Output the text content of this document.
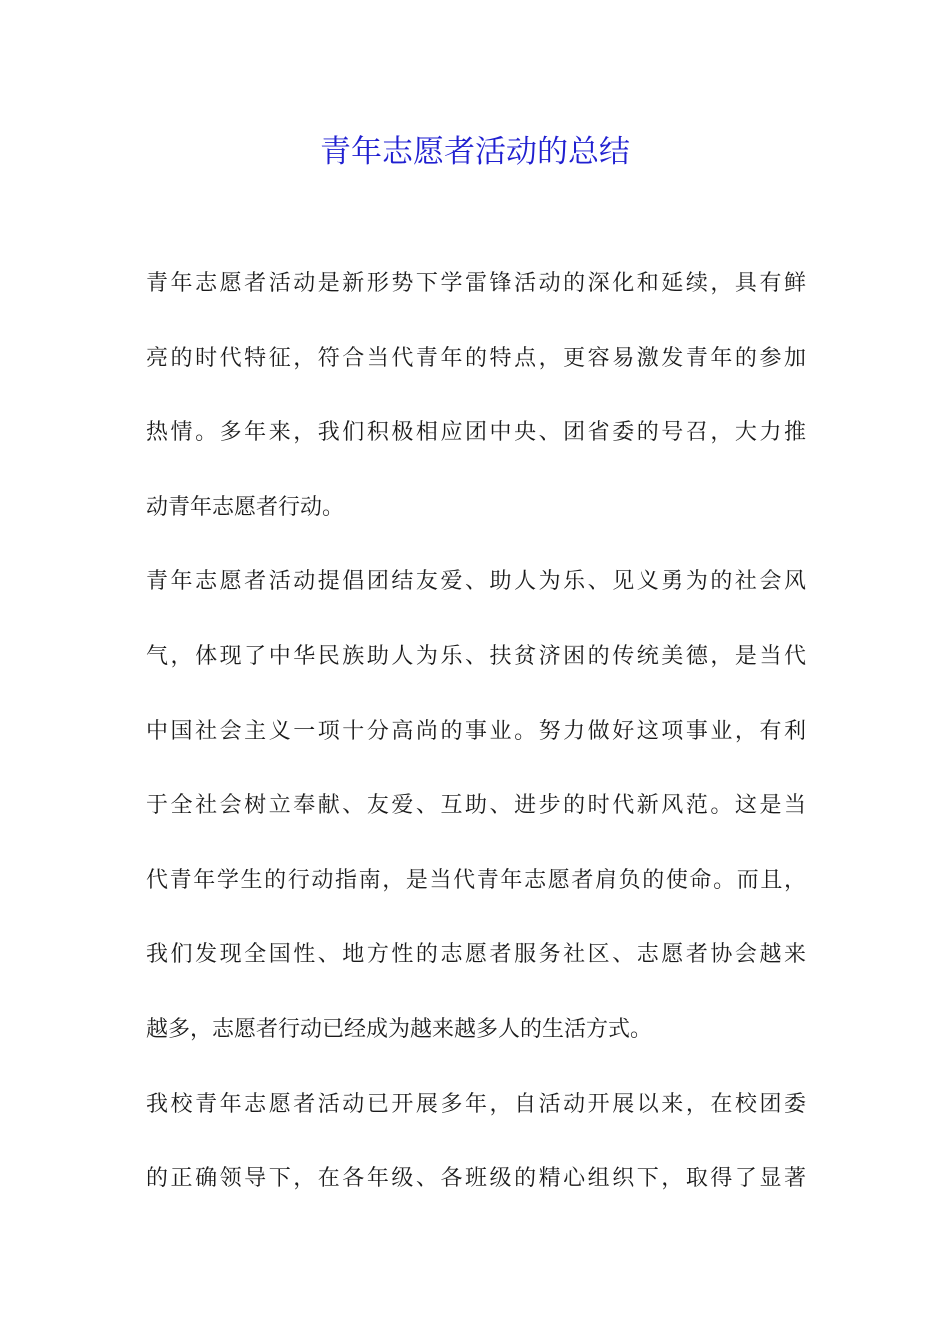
青年志愿者活动的总结
青年志愿者活动是新形势下学雷锋活动的深化和延续，具有鲜
亮的时代特征，符合当代青年的特点，更容易激发青年的参加
热情。多年来，我们积极相应团中央、团省委的号召，大力推
动青年志愿者行动。
青年志愿者活动提倡团结友爱、助人为乐、见义勇为的社会风
气，体现了中华民族助人为乐、扶贫济困的传统美德，是当代
中国社会主义一项十分高尚的事业。努力做好这项事业，有利
于全社会树立奉献、友爱、互助、进步的时代新风范。这是当
代青年学生的行动指南，是当代青年志愿者肩负的使命。而且，
我们发现全国性、地方性的志愿者服务社区、志愿者协会越来
越多，志愿者行动已经成为越来越多人的生活方式。
我校青年志愿者活动已开展多年，自活动开展以来，在校团委
的正确领导下，在各年级、各班级的精心组织下，取得了显著
